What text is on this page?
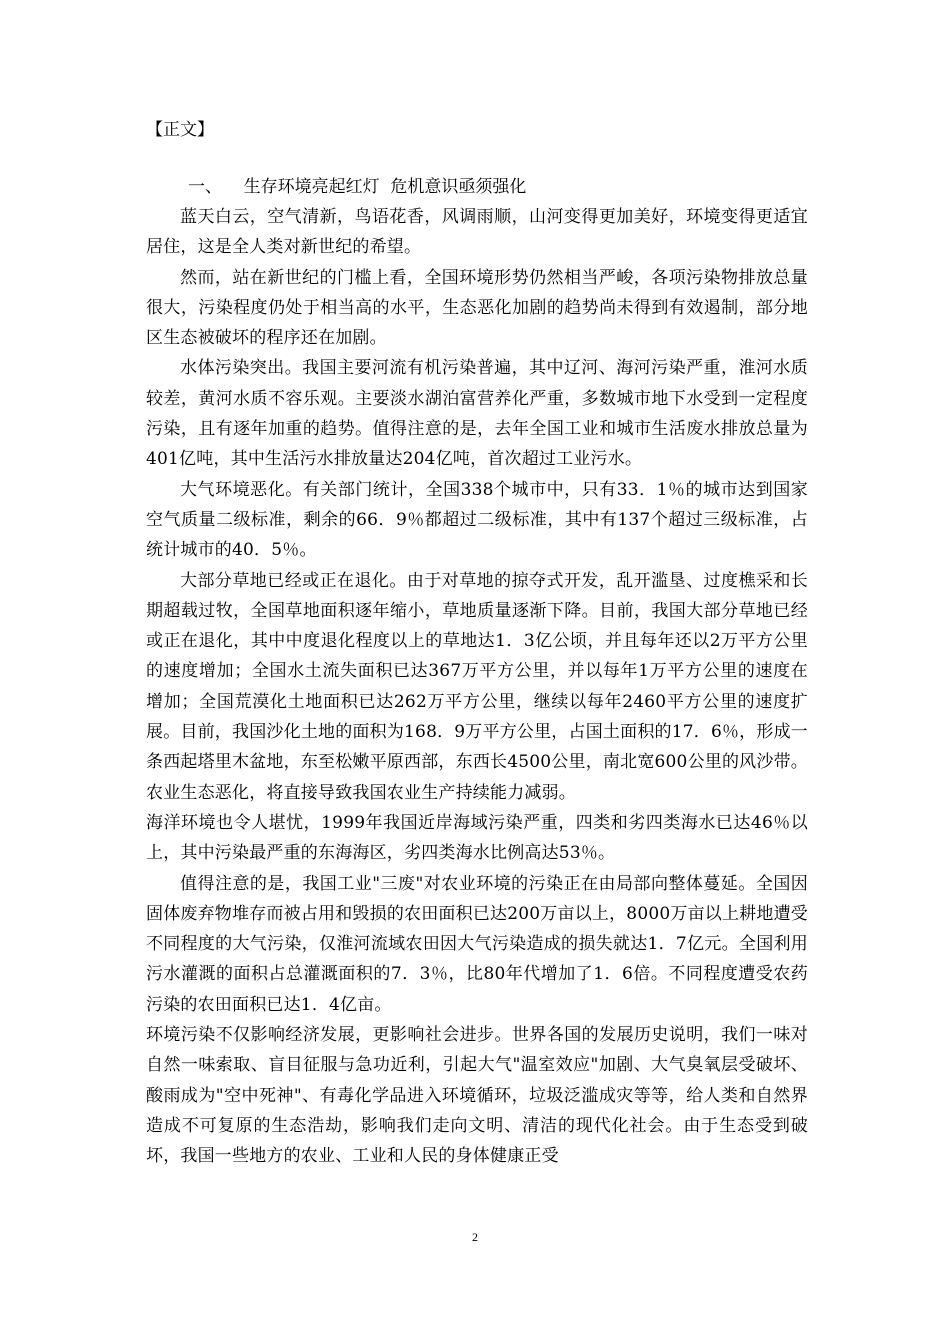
【正文】
一、    生存环境亮起红灯  危机意识亟须强化

蓝天白云，空气清新，鸟语花香，风调雨顺，山河变得更加美好，环境变得更适宜居住，这是全人类对新世纪的希望。

然而，站在新世纪的门槛上看，全国环境形势仍然相当严峻，各项污染物排放总量很大，污染程度仍处于相当高的水平，生态恶化加剧的趋势尚未得到有效遏制，部分地区生态被破坏的程序还在加剧。

水体污染突出。我国主要河流有机污染普遍，其中辽河、海河污染严重，淮河水质较差，黄河水质不容乐观。主要淡水湖泊富营养化严重，多数城市地下水受到一定程度污染，且有逐年加重的趋势。值得注意的是，去年全国工业和城市生活废水排放总量为401亿吨，其中生活污水排放量达204亿吨，首次超过工业污水。

大气环境恶化。有关部门统计，全国338个城市中，只有33．1％的城市达到国家空气质量二级标准，剩余的66．9％都超过二级标准，其中有137个超过三级标准，占统计城市的40．5％。

大部分草地已经或正在退化。由于对草地的掠夺式开发，乱开滥垦、过度樵采和长期超载过牧，全国草地面积逐年缩小，草地质量逐渐下降。目前，我国大部分草地已经或正在退化，其中中度退化程度以上的草地达1．3亿公顷，并且每年还以2万平方公里的速度增加；全国水土流失面积已达367万平方公里，并以每年1万平方公里的速度在增加；全国荒漠化土地面积已达262万平方公里，继续以每年2460平方公里的速度扩展。目前，我国沙化土地的面积为168．9万平方公里，占国土面积的17．6％，形成一条西起塔里木盆地，东至松嫩平原西部，东西长4500公里，南北宽600公里的风沙带。农业生态恶化，将直接导致我国农业生产持续能力减弱。

海洋环境也令人堪忧，1999年我国近岸海域污染严重，四类和劣四类海水已达46％以上，其中污染最严重的东海海区，劣四类海水比例高达53％。

值得注意的是，我国工业"三废"对农业环境的污染正在由局部向整体蔓延。全国因固体废弃物堆存而被占用和毁损的农田面积已达200万亩以上，8000万亩以上耕地遭受不同程度的大气污染，仅淮河流域农田因大气污染造成的损失就达1．7亿元。全国利用污水灌溉的面积占总灌溉面积的7．3％，比80年代增加了1．6倍。不同程度遭受农药污染的农田面积已达1．4亿亩。

环境污染不仅影响经济发展，更影响社会进步。世界各国的发展历史说明，我们一味对自然一味索取、盲目征服与急功近利，引起大气"温室效应"加剧、大气臭氧层受破坏、酸雨成为"空中死神"、有毒化学品进入环境循环，垃圾泛滥成灾等等，给人类和自然界造成不可复原的生态浩劫，影响我们走向文明、清洁的现代化社会。由于生态受到破坏，我国一些地方的农业、工业和人民的身体健康正受

2
